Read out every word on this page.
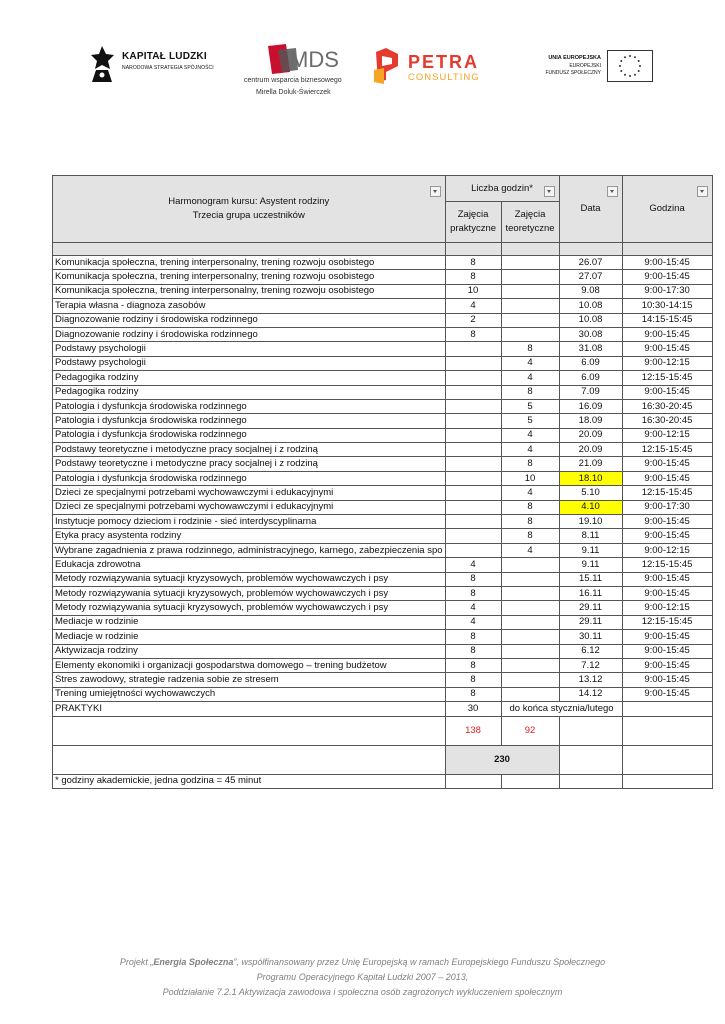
KAPITAŁ LUDZKI
NARODOWA STRATEGIA SPÓJNOŚCI	MDS
centrum wsparcia biznesowego
Mirella Doluk-Świerczek
PETRA
CONSULTING
UNIA EUROPEJSKA
EUROPEJSKI
FUNDUSZ SPOŁECZNY
Harmonogram kursu: Asystent rodziny
Trzecia grupa uczestników	Liczba godzin*		Data	Godzina

	Zajęcia praktyczne	Zajęcia teoretyczne		

Komunikacja społeczna, trening interpersonalny, trening rozwoju osobistego	8		26.07	9:00-15:45
Komunikacja społeczna, trening interpersonalny, trening rozwoju osobistego	8		27.07	9:00-15:45
Komunikacja społeczna, trening interpersonalny, trening rozwoju osobistego	10		9.08	9:00-17:30
Terapia własna - diagnoza zasobów	4		10.08	10:30-14:15
Diagnozowanie rodziny i środowiska rodzinnego	2		10.08	14:15-15:45
Diagnozowanie rodziny i środowiska rodzinnego	8		30.08	9:00-15:45
Podstawy psychologii		8	31.08	9:00-15:45
Podstawy psychologii		4	6.09	9:00-12:15
Pedagogika rodziny		4	6.09	12:15-15:45
Pedagogika rodziny		8	7.09	9:00-15:45
Patologia i dysfunkcja środowiska rodzinnego		5	16.09	16:30-20:45
Patologia i dysfunkcja środowiska rodzinnego		5	18.09	16:30-20:45
Patologia i dysfunkcja środowiska rodzinnego		4	20.09	9:00-12:15
Podstawy teoretyczne i metodyczne pracy socjalnej i z rodziną		4	20.09	12:15-15:45
Podstawy teoretyczne i metodyczne pracy socjalnej i z rodziną		8	21.09	9:00-15:45
Patologia i dysfunkcja środowiska rodzinnego		10	18.10	9:00-15:45
Dzieci ze specjalnymi potrzebami wychowawczymi i edukacyjnymi		4	5.10	12:15-15:45
Dzieci ze specjalnymi potrzebami wychowawczymi i edukacyjnymi		8	4.10	9:00-17:30
Instytucje pomocy dzieciom i rodzinie - sieć interdyscyplinarna		8	19.10	9:00-15:45
Etyka pracy asystenta rodziny		8	8.11	9:00-15:45
Wybrane zagadnienia z prawa rodzinnego, administracyjnego, karnego, zabezpieczenia spo		4	9.11	9:00-12:15
Edukacja zdrowotna	4		9.11	12:15-15:45
Metody rozwiązywania sytuacji kryzysowych, problemów wychowawczych i psy	8		15.11	9:00-15:45
Metody rozwiązywania sytuacji kryzysowych, problemów wychowawczych i psy	8		16.11	9:00-15:45
Metody rozwiązywania sytuacji kryzysowych, problemów wychowawczych i psy	4		29.11	9:00-12:15
Mediacje w rodzinie	4		29.11	12:15-15:45
Mediacje w rodzinie	8		30.11	9:00-15:45
Aktywizacja rodziny	8		6.12	9:00-15:45
Elementy ekonomiki i organizacji gospodarstwa domowego – trening budżetow	8		7.12	9:00-15:45
Stres zawodowy, strategie radzenia sobie ze stresem	8		13.12	9:00-15:45
Trening umiejętności wychowawczych	8		14.12	9:00-15:45
PRAKTYKI	30	do końca stycznia/lutego		
	138	92		
	230			
* godziny akademickie, jedna godzina = 45 minut				
Projekt „Energia Społeczna”, współfinansowany przez Unię Europejską w ramach Europejskiego Funduszu Społecznego
Programu Operacyjnego Kapitał Ludzki 2007 – 2013,
Poddziałanie 7.2.1 Aktywizacja zawodowa i społeczna osób zagrożonych wykluczeniem społecznym
